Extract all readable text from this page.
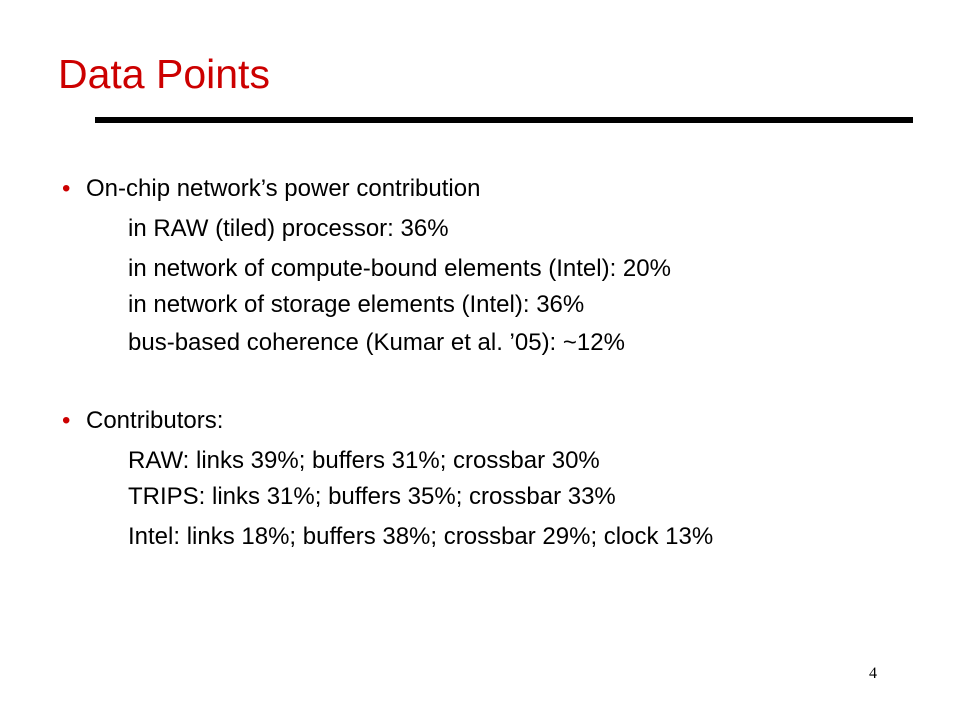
Data Points
• On-chip network’s power contribution
in RAW (tiled) processor: 36%
in network of compute-bound elements (Intel): 20%
in network of storage elements (Intel): 36%
bus-based coherence (Kumar et al. ’05): ~12%
• Contributors:
RAW: links 39%; buffers 31%; crossbar 30%
TRIPS: links 31%; buffers 35%; crossbar 33%
Intel: links 18%; buffers 38%; crossbar 29%; clock 13%
4
